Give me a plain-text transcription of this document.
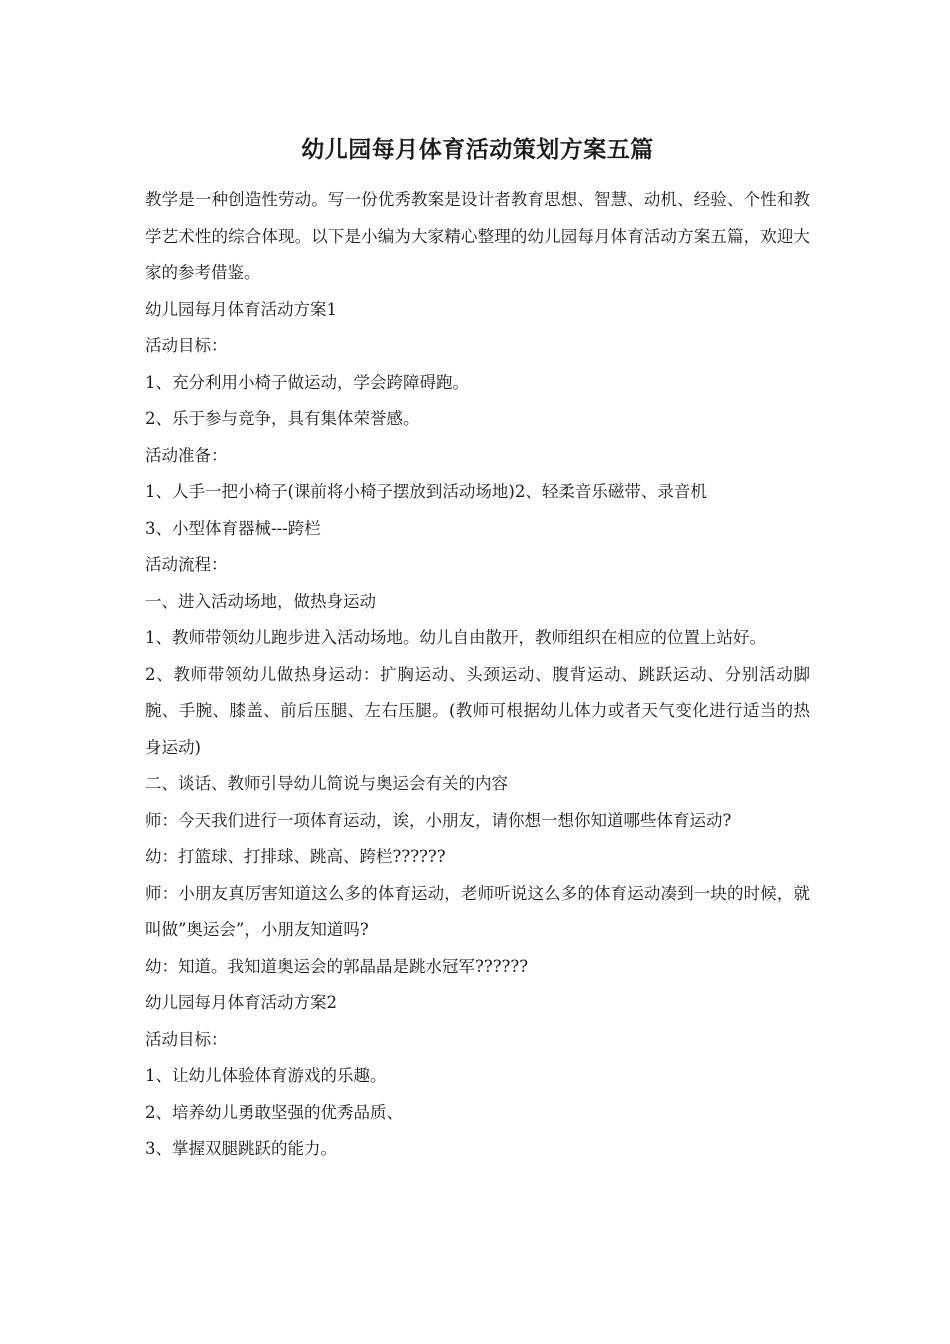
幼儿园每月体育活动策划方案五篇

教学是一种创造性劳动。写一份优秀教案是设计者教育思想、智慧、动机、经验、个性和教学艺术性的综合体现。以下是小编为大家精心整理的幼儿园每月体育活动方案五篇，欢迎大家的参考借鉴。

幼儿园每月体育活动方案1

活动目标：

1、充分利用小椅子做运动，学会跨障碍跑。

2、乐于参与竞争，具有集体荣誉感。

活动准备：

1、人手一把小椅子(课前将小椅子摆放到活动场地)2、轻柔音乐磁带、录音机

3、小型体育器械---跨栏

活动流程：

一、进入活动场地，做热身运动

1、教师带领幼儿跑步进入活动场地。幼儿自由散开，教师组织在相应的位置上站好。

2、教师带领幼儿做热身运动：扩胸运动、头颈运动、腹背运动、跳跃运动、分别活动脚腕、手腕、膝盖、前后压腿、左右压腿。(教师可根据幼儿体力或者天气变化进行适当的热身运动)

二、谈话、教师引导幼儿简说与奥运会有关的内容

师：今天我们进行一项体育运动，诶，小朋友，请你想一想你知道哪些体育运动?

幼：打篮球、打排球、跳高、跨栏??????

师：小朋友真厉害知道这么多的体育运动，老师听说这么多的体育运动凑到一块的时候，就叫做”奥运会”，小朋友知道吗?

幼：知道。我知道奥运会的郭晶晶是跳水冠军??????

幼儿园每月体育活动方案2

活动目标：

1、让幼儿体验体育游戏的乐趣。

2、培养幼儿勇敢坚强的优秀品质、

3、掌握双腿跳跃的能力。
